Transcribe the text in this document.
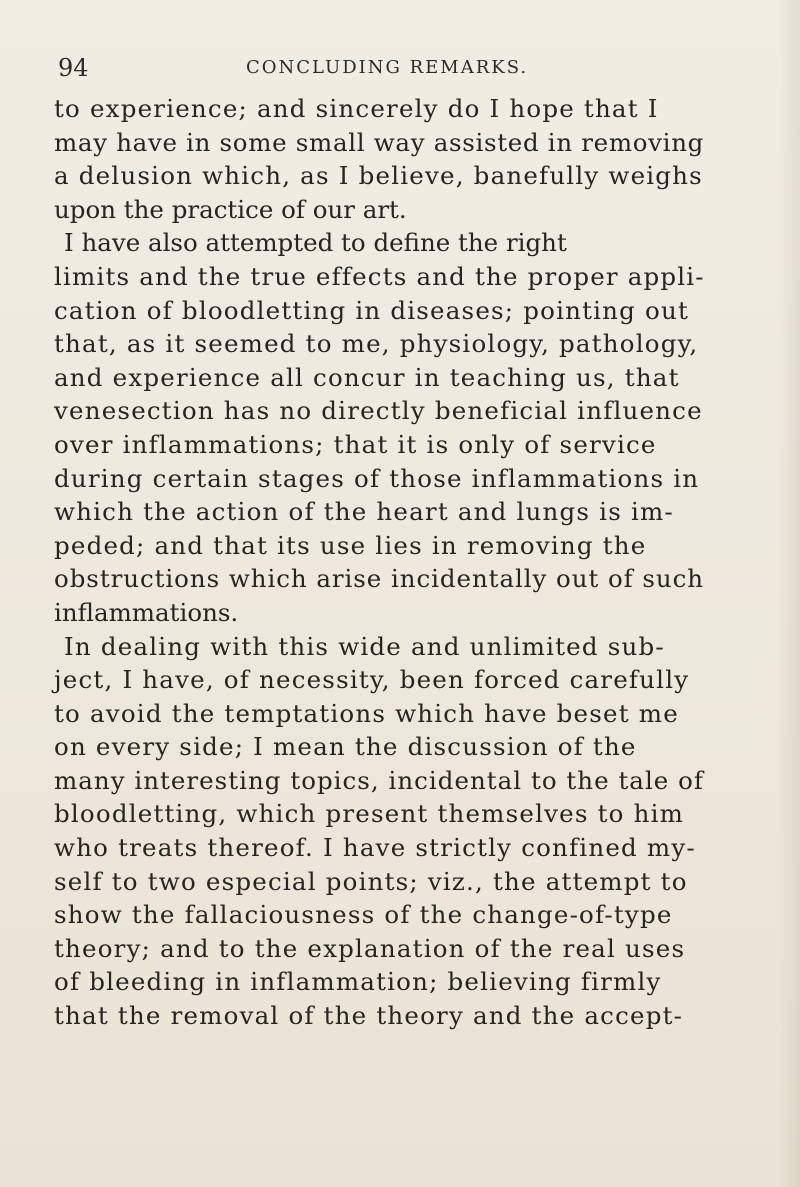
94	CONCLUDING REMARKS.
to experience; and sincerely do I hope that I
may have in some small way assisted in removing
a delusion which, as I believe, banefully weighs
upon the practice of our art.
I have also attempted to define the right
limits and the true effects and the proper appli-
cation of bloodletting in diseases; pointing out
that, as it seemed to me, physiology, pathology,
and experience all concur in teaching us, that
venesection has no directly beneficial influence
over inflammations; that it is only of service
during certain stages of those inflammations in
which the action of the heart and lungs is im-
peded; and that its use lies in removing the
obstructions which arise incidentally out of such
inflammations.
In dealing with this wide and unlimited sub-
ject, I have, of necessity, been forced carefully
to avoid the temptations which have beset me
on every side; I mean the discussion of the
many interesting topics, incidental to the tale of
bloodletting, which present themselves to him
who treats thereof. I have strictly confined my-
self to two especial points; viz., the attempt to
show the fallaciousness of the change-of-type
theory; and to the explanation of the real uses
of bleeding in inflammation; believing firmly
that the removal of the theory and the accept-
